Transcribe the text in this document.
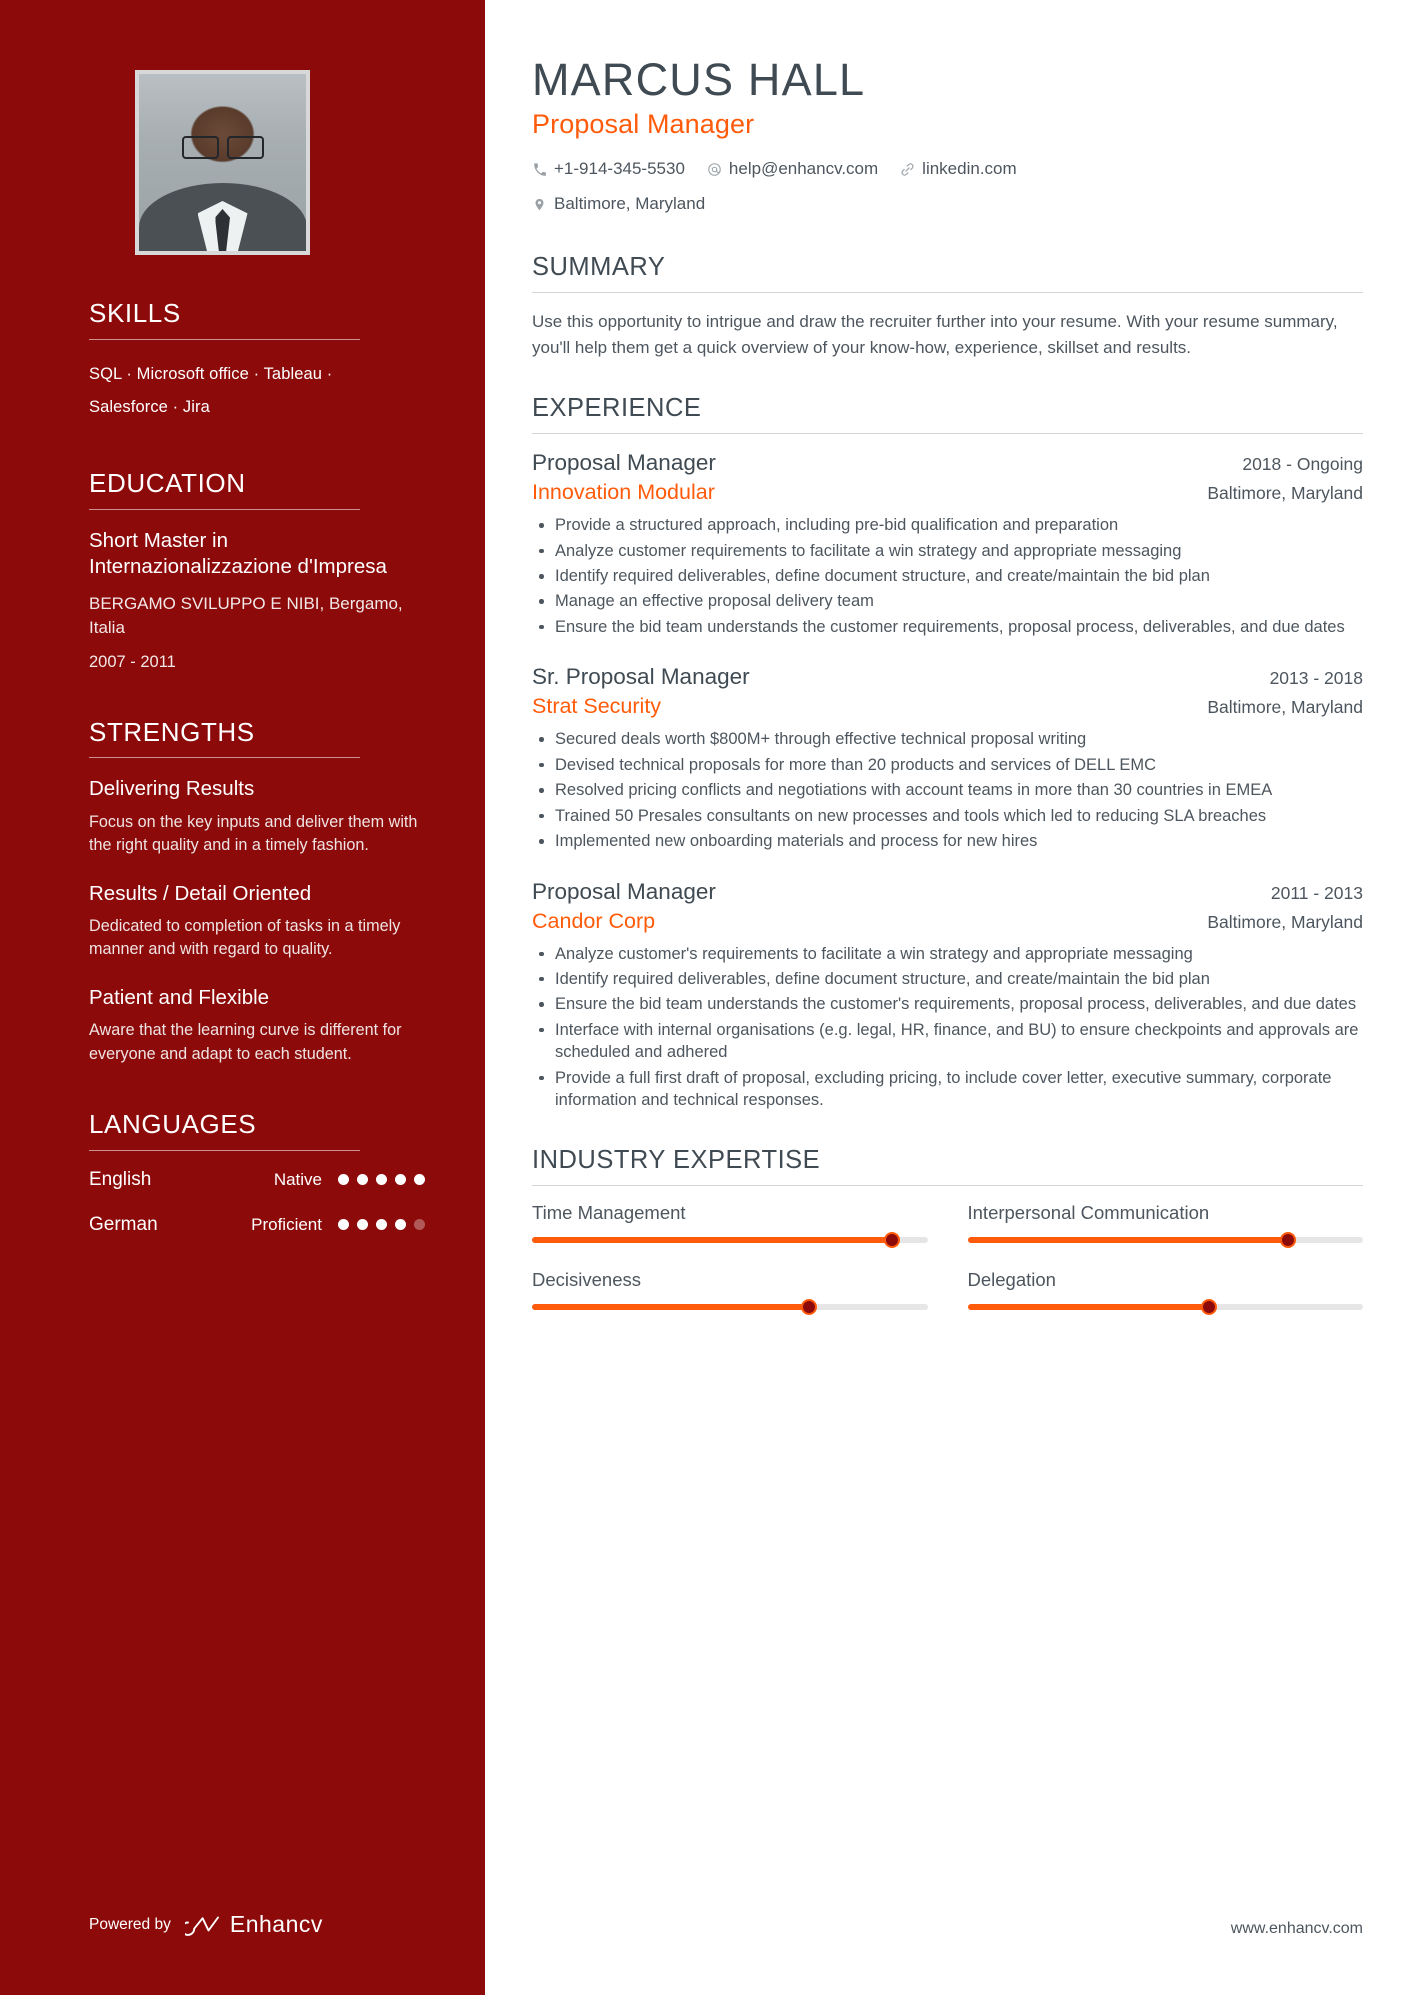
SKILLS
SQL · Microsoft office · Tableau ·
Salesforce · Jira
EDUCATION
Short Master in Internazionalizzazione d'Impresa
BERGAMO SVILUPPO E NIBI, Bergamo, Italia
2007 - 2011
STRENGTHS
Delivering Results
Focus on the key inputs and deliver them with the right quality and in a timely fashion.
Results / Detail Oriented
Dedicated to completion of tasks in a timely manner and with regard to quality.
Patient and Flexible
Aware that the learning curve is different for everyone and adapt to each student.
LANGUAGES
English	Native
German	Proficient
Powered by	Enhancv
MARCUS HALL
Proposal Manager
+1-914-345-5530	help@enhancv.com	linkedin.com
Baltimore, Maryland
SUMMARY

Use this opportunity to intrigue and draw the recruiter further into your resume. With your resume summary, you'll help them get a quick overview of your know-how, experience, skillset and results.

EXPERIENCE
Proposal Manager	2018 - Ongoing
Innovation Modular	Baltimore, Maryland
Provide a structured approach, including pre-bid qualification and preparation
Analyze customer requirements to facilitate a win strategy and appropriate messaging
Identify required deliverables, define document structure, and create/maintain the bid plan
Manage an effective proposal delivery team
Ensure the bid team understands the customer requirements, proposal process, deliverables, and due dates
Sr. Proposal Manager	2013 - 2018
Strat Security	Baltimore, Maryland
Secured deals worth $800M+ through effective technical proposal writing
Devised technical proposals for more than 20 products and services of DELL EMC
Resolved pricing conflicts and negotiations with account teams in more than 30 countries in EMEA
Trained 50 Presales consultants on new processes and tools which led to reducing SLA breaches
Implemented new onboarding materials and process for new hires
Proposal Manager	2011 - 2013
Candor Corp	Baltimore, Maryland
Analyze customer's requirements to facilitate a win strategy and appropriate messaging
Identify required deliverables, define document structure, and create/maintain the bid plan
Ensure the bid team understands the customer's requirements, proposal process, deliverables, and due dates
Interface with internal organisations (e.g. legal, HR, finance, and BU) to ensure checkpoints and approvals are scheduled and adhered
Provide a full first draft of proposal, excluding pricing, to include cover letter, executive summary, corporate information and technical responses.
INDUSTRY EXPERTISE
Time Management	Interpersonal Communication
Decisiveness	Delegation
www.enhancv.com
